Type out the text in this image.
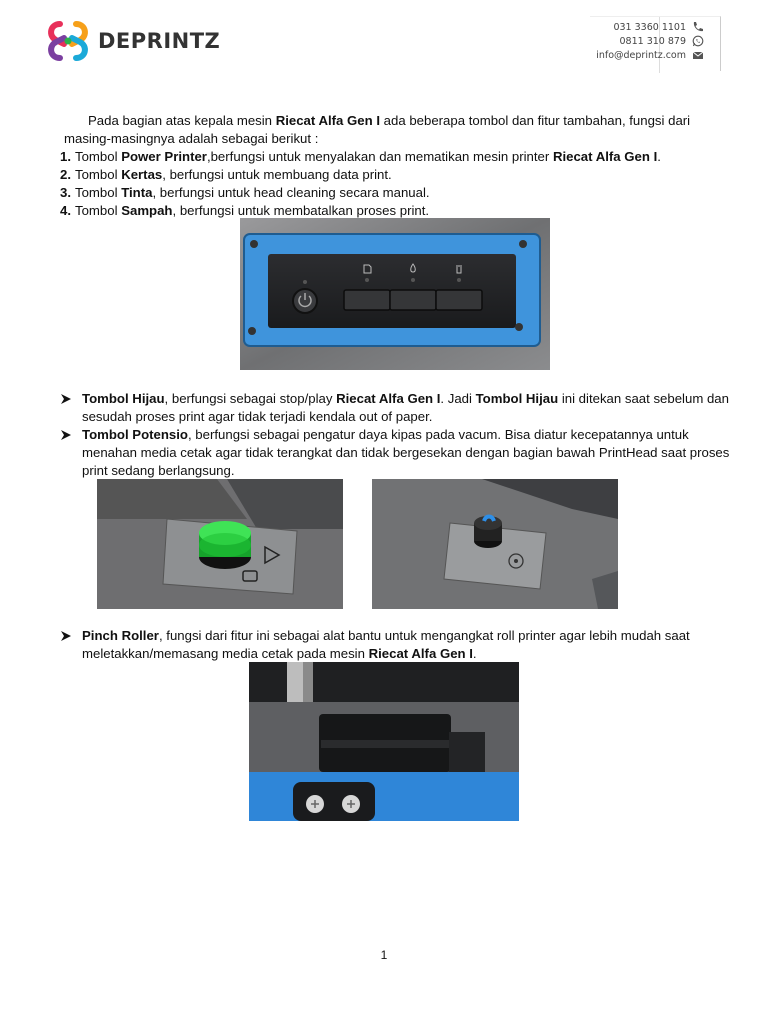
DEPRINTZ
031 3360 1101
0811 310 879
info@deprintz.com

Pada bagian atas kepala mesin Riecat Alfa Gen I ada beberapa tombol dan fitur tambahan, fungsi dari masing-masingnya adalah sebagai berikut :

1. Tombol Power Printer,berfungsi untuk menyalakan dan mematikan mesin printer Riecat Alfa Gen I.
2. Tombol Kertas, berfungsi untuk membuang data print.
3. Tombol Tinta, berfungsi untuk head cleaning secara manual.
4. Tombol Sampah, berfungsi untuk membatalkan proses print.

Tombol Hijau, berfungsi sebagai stop/play Riecat Alfa Gen I. Jadi Tombol Hijau ini ditekan saat sebelum dan sesudah proses print agar tidak terjadi kendala out of paper.

Tombol Potensio, berfungsi sebagai pengatur daya kipas pada vacum. Bisa diatur kecepatannya untuk menahan media cetak agar tidak terangkat dan tidak bergesekan dengan bagian bawah PrintHead saat proses print sedang berlangsung.

Pinch Roller, fungsi dari fitur ini sebagai alat bantu untuk mengangkat roll printer agar lebih mudah saat meletakkan/memasang media cetak pada mesin Riecat Alfa Gen I.

1
